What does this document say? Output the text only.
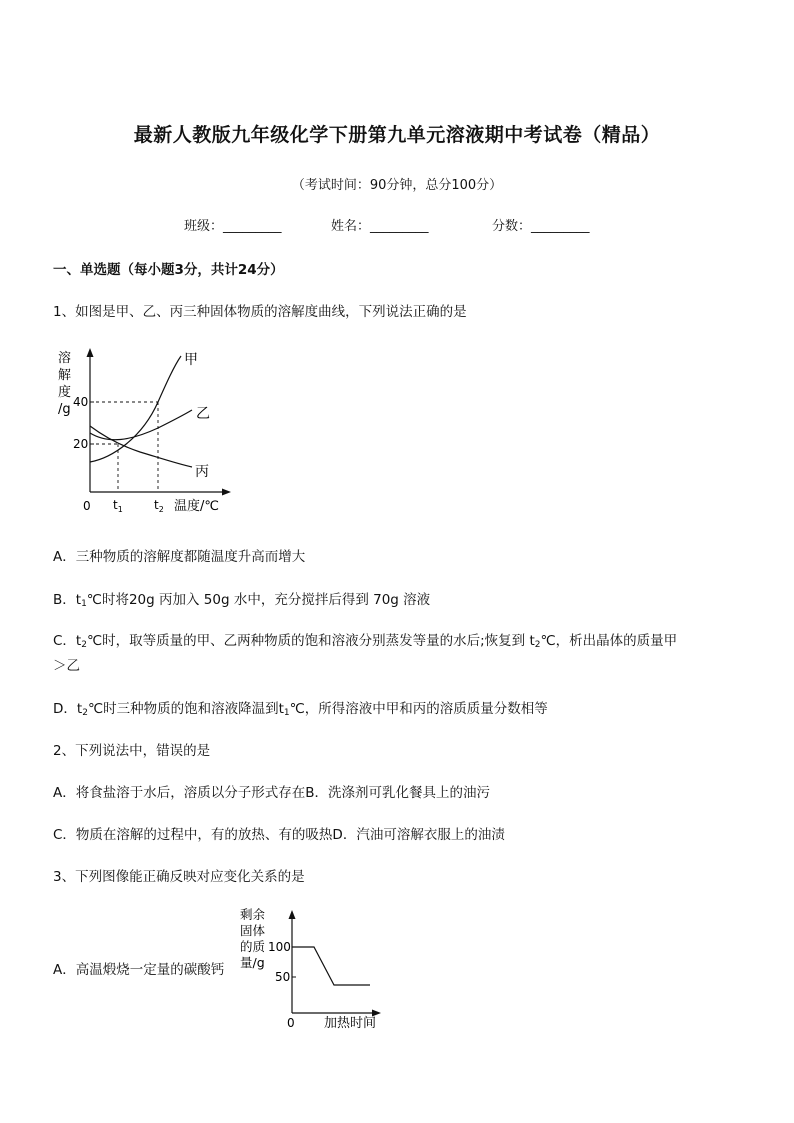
最新人教版九年级化学下册第九单元溶液期中考试卷（精品）
（考试时间：90分钟，总分100分）
班级：_________	姓名：_________	分数：_________
一、单选题（每小题3分，共计24分）
1、如图是甲、乙、丙三种固体物质的溶解度曲线，下列说法正确的是
溶
解
度
/g 40
20
0 $t_1$	$t_2$ 温度/℃
甲
乙
丙
A．三种物质的溶解度都随温度升高而增大
B．$t_1℃$时将20g 丙加入 50g 水中，充分搅拌后得到 70g 溶液
C．$t_2℃$时，取等质量的甲、乙两种物质的饱和溶液分别蒸发等量的水后;恢复到 $t_2℃$，析出晶体的质量甲
＞乙
D．$t_2℃$时三种物质的饱和溶液降温到$t_1℃$，所得溶液中甲和丙的溶质质量分数相等
2、下列说法中，错误的是
A．将食盐溶于水后，溶质以分子形式存在B．洗涤剂可乳化餐具上的油污
C．物质在溶解的过程中，有的放热、有的吸热D．汽油可溶解衣服上的油渍
3、下列图像能正确反映对应变化关系的是
A．高温煅烧一定量的碳酸钙
剩余
固体
的质
量/g
100
50
0 加热时间
